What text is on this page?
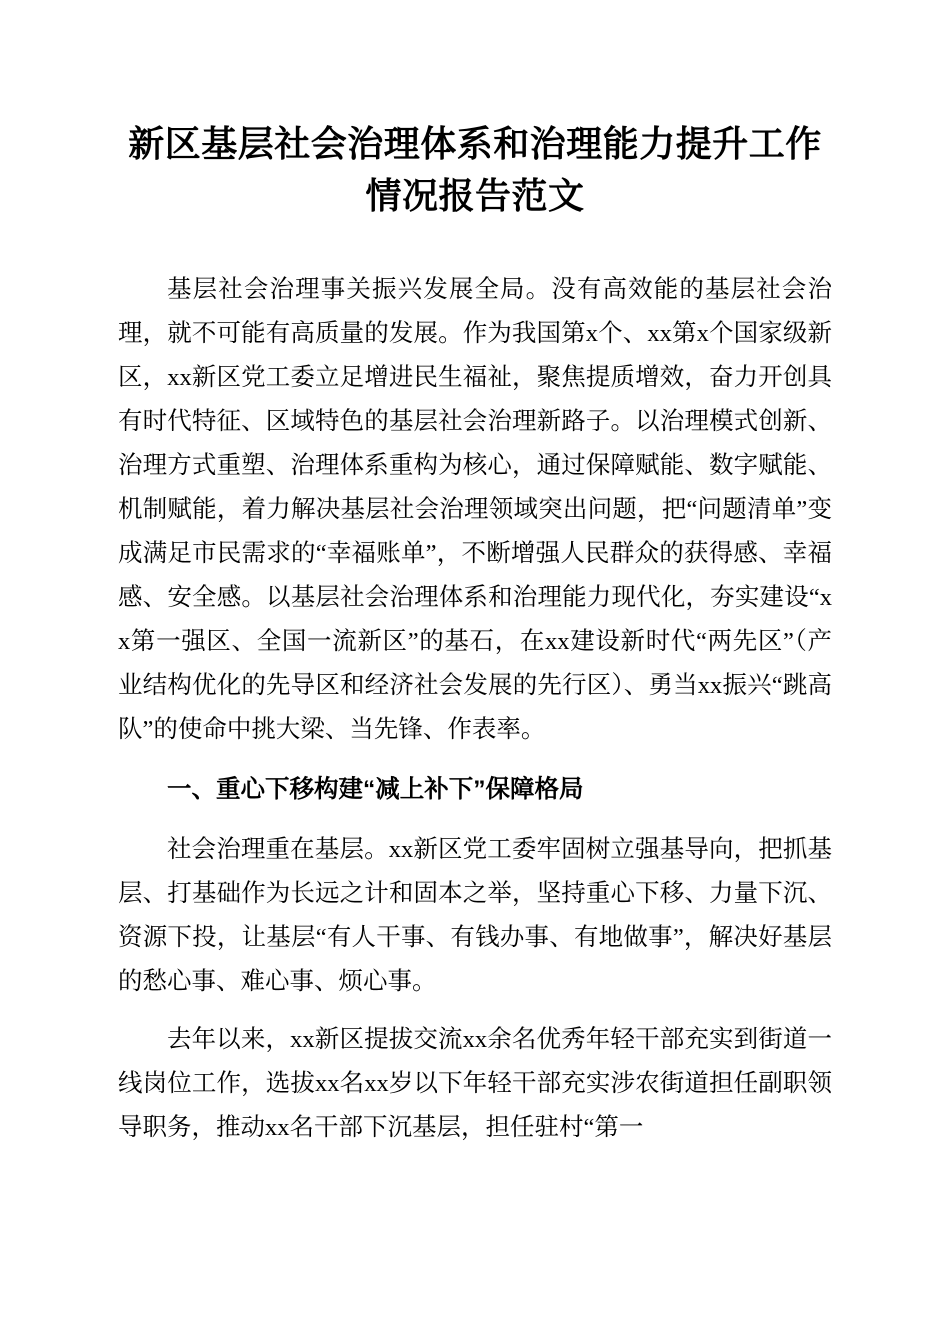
新区基层社会治理体系和治理能力提升工作情况报告范文

基层社会治理事关振兴发展全局。没有高效能的基层社会治理，就不可能有高质量的发展。作为我国第x个、xx第x个国家级新区，xx新区党工委立足增进民生福祉，聚焦提质增效，奋力开创具有时代特征、区域特色的基层社会治理新路子。以治理模式创新、治理方式重塑、治理体系重构为核心，通过保障赋能、数字赋能、机制赋能，着力解决基层社会治理领域突出问题，把“问题清单”变成满足市民需求的“幸福账单”，不断增强人民群众的获得感、幸福感、安全感。以基层社会治理体系和治理能力现代化，夯实建设“xx第一强区、全国一流新区”的基石，在xx建设新时代“两先区”（产业结构优化的先导区和经济社会发展的先行区）、勇当xx振兴“跳高队”的使命中挑大梁、当先锋、作表率。

一、重心下移构建“减上补下”保障格局

社会治理重在基层。xx新区党工委牢固树立强基导向，把抓基层、打基础作为长远之计和固本之举，坚持重心下移、力量下沉、资源下投，让基层“有人干事、有钱办事、有地做事”，解决好基层的愁心事、难心事、烦心事。

去年以来，xx新区提拔交流xx余名优秀年轻干部充实到街道一线岗位工作，选拔xx名xx岁以下年轻干部充实涉农街道担任副职领导职务，推动xx名干部下沉基层，担任驻村“第一
